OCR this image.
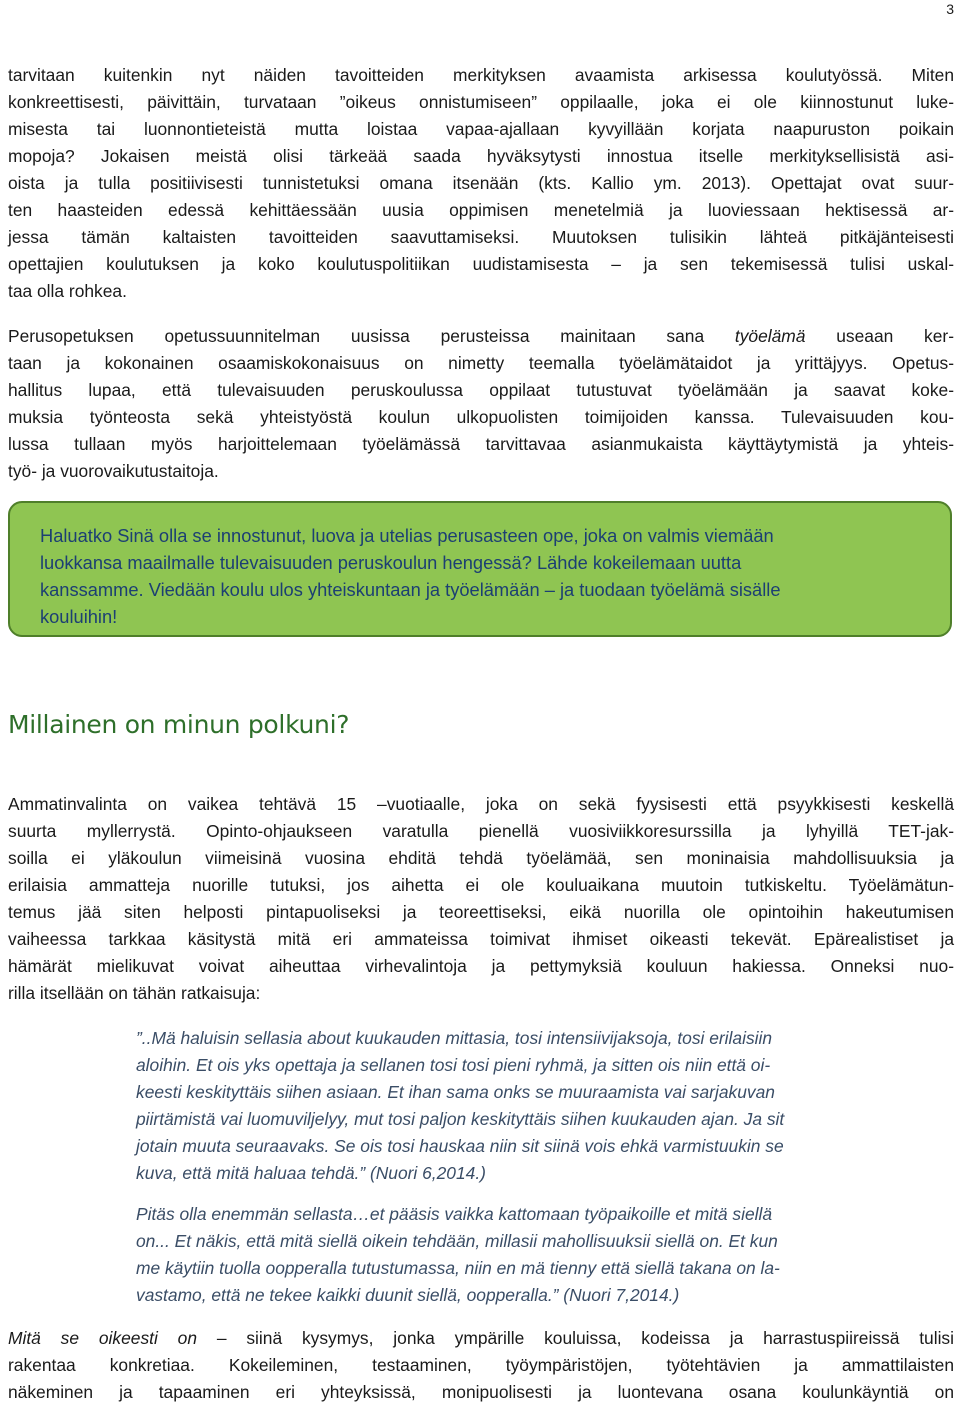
3
tarvitaan kuitenkin nyt näiden tavoitteiden merkityksen avaamista arkisessa koulutyössä. Miten
konkreettisesti, päivittäin, turvataan ”oikeus onnistumiseen” oppilaalle, joka ei ole kiinnostunut luke-
misesta tai luonnontieteistä mutta loistaa vapaa-ajallaan kyvyillään korjata naapuruston poikain
mopoja? Jokaisen meistä olisi tärkeää saada hyväksytysti innostua itselle merkityksellisistä asi-
oista ja tulla positiivisesti tunnistetuksi omana itsenään (kts. Kallio ym. 2013). Opettajat ovat suur-
ten haasteiden edessä kehittäessään uusia oppimisen menetelmiä ja luoviessaan hektisessä ar-
jessa tämän kaltaisten tavoitteiden saavuttamiseksi. Muutoksen tulisikin lähteä pitkäjänteisesti
opettajien koulutuksen ja koko koulutuspolitiikan uudistamisesta – ja sen tekemisessä tulisi uskal-
taa olla rohkea.
Perusopetuksen opetussuunnitelman uusissa perusteissa mainitaan sana työelämä useaan ker-
taan ja kokonainen osaamiskokonaisuus on nimetty teemalla työelämätaidot ja yrittäjyys. Opetus-
hallitus lupaa, että tulevaisuuden peruskoulussa oppilaat tutustuvat työelämään ja saavat koke-
muksia työnteosta sekä yhteistyöstä koulun ulkopuolisten toimijoiden kanssa. Tulevaisuuden kou-
lussa tullaan myös harjoittelemaan työelämässä tarvittavaa asianmukaista käyttäytymistä ja yhteis-
työ- ja vuorovaikutustaitoja.
Haluatko Sinä olla se innostunut, luova ja utelias perusasteen ope, joka on valmis viemään
luokkansa maailmalle tulevaisuuden peruskoulun hengessä? Lähde kokeilemaan uutta
kanssamme. Viedään koulu ulos yhteiskuntaan ja työelämään – ja tuodaan työelämä sisälle
kouluihin!
Millainen on minun polkuni?
Ammatinvalinta on vaikea tehtävä 15 –vuotiaalle, joka on sekä fyysisesti että psyykkisesti keskellä
suurta myllerrystä. Opinto-ohjaukseen varatulla pienellä vuosiviikkoresurssilla ja lyhyillä TET-jak-
soilla ei yläkoulun viimeisinä vuosina ehditä tehdä työelämää, sen moninaisia mahdollisuuksia ja
erilaisia ammatteja nuorille tutuksi, jos aihetta ei ole kouluaikana muutoin tutkiskeltu. Työelämätun-
temus jää siten helposti pintapuoliseksi ja teoreettiseksi, eikä nuorilla ole opintoihin hakeutumisen
vaiheessa tarkkaa käsitystä mitä eri ammateissa toimivat ihmiset oikeasti tekevät. Epärealistiset ja
hämärät mielikuvat voivat aiheuttaa virhevalintoja ja pettymyksiä kouluun hakiessa. Onneksi nuo-
rilla itsellään on tähän ratkaisuja:
”..Mä haluisin sellasia about kuukauden mittasia, tosi intensiivijaksoja, tosi erilaisiin
aloihin. Et ois yks opettaja ja sellanen tosi tosi pieni ryhmä, ja sitten ois niin että oi-
keesti keskityttäis siihen asiaan. Et ihan sama onks se muuraamista vai sarjakuvan
piirtämistä vai luomuviljelyy, mut tosi paljon keskityttäis siihen kuukauden ajan. Ja sit
jotain muuta seuraavaks. Se ois tosi hauskaa niin sit siinä vois ehkä varmistuukin se
kuva, että mitä haluaa tehdä.” (Nuori 6,2014.)
Pitäs olla enemmän sellasta…et pääsis vaikka kattomaan työpaikoille et mitä siellä
on... Et näkis, että mitä siellä oikein tehdään, millasii mahollisuuksii siellä on. Et kun
me käytiin tuolla oopperalla tutustumassa, niin en mä tienny että siellä takana on la-
vastamo, että ne tekee kaikki duunit siellä, oopperalla.” (Nuori 7,2014.)
Mitä se oikeesti on – siinä kysymys, jonka ympärille kouluissa, kodeissa ja harrastuspiireissä tulisi
rakentaa konkretiaa. Kokeileminen, testaaminen, työympäristöjen, työtehtävien ja ammattilaisten
näkeminen ja tapaaminen eri yhteyksissä, monipuolisesti ja luontevana osana koulunkäyntiä on
